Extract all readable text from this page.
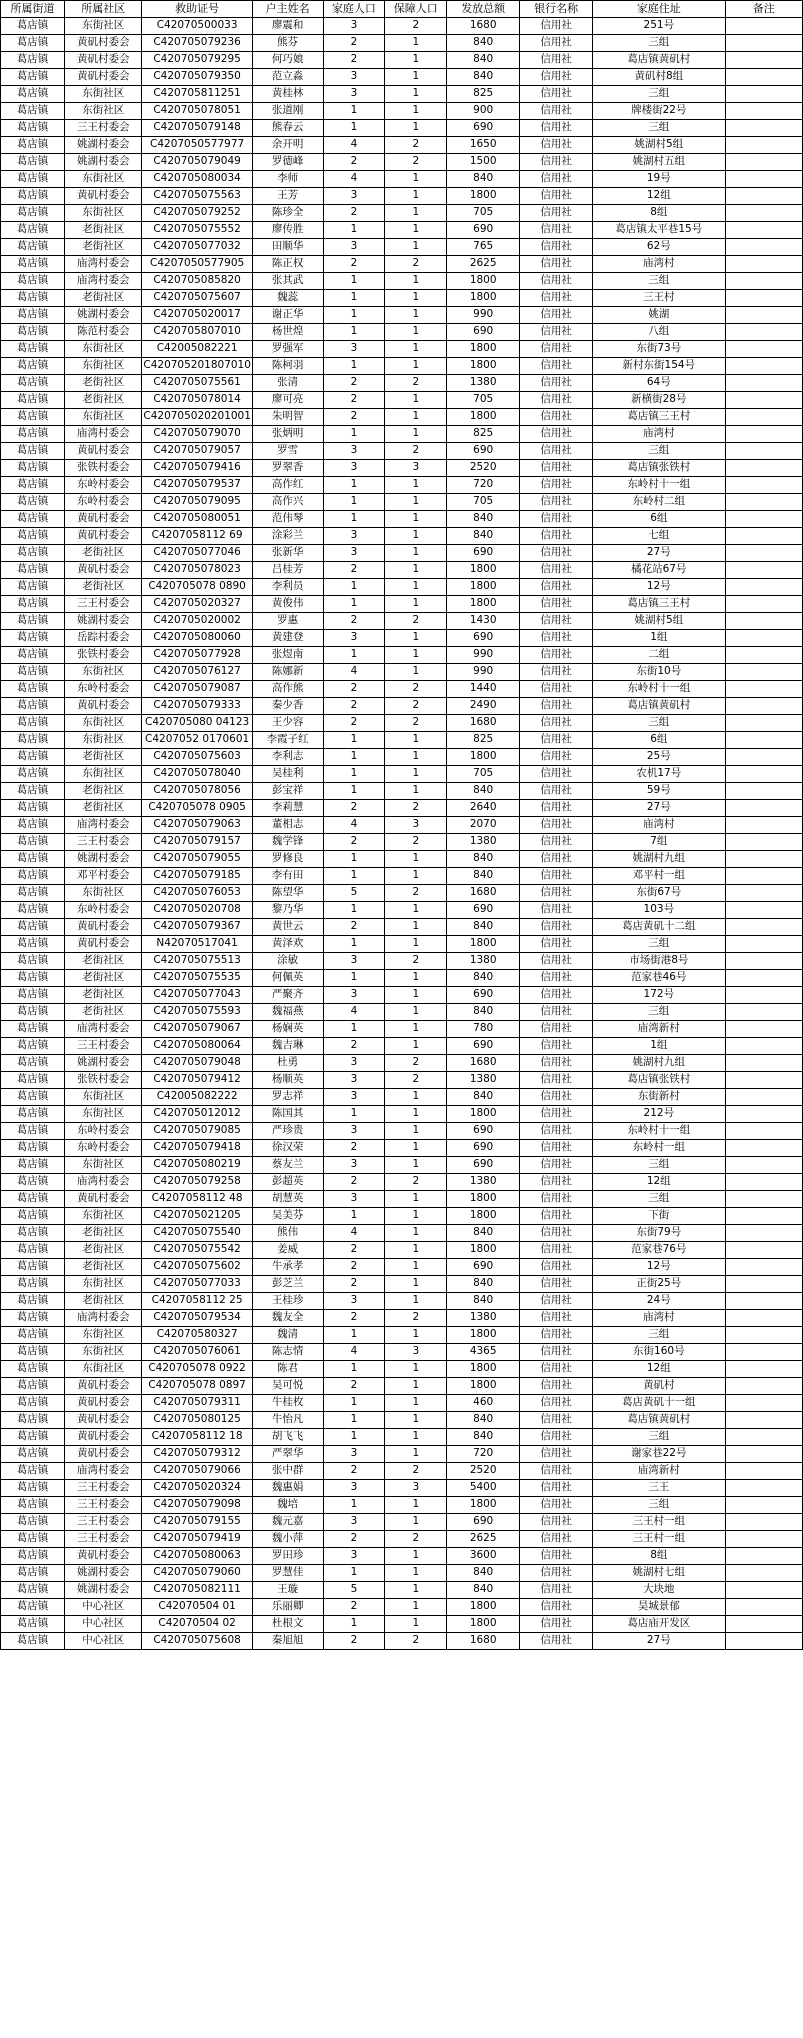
所属街道	所属社区	救助证号	户主姓名	家庭人口	保障人口	发放总额	银行名称	家庭住址	备注
葛店镇	东街社区	C42070500033	廖震和	3	2	1680	信用社	251号	
葛店镇	黄矶村委会	C420705079236	熊芬	2	1	840	信用社	三组	
葛店镇	黄矶村委会	C420705079295	何巧娘	2	1	840	信用社	葛店镇黄矶村	
葛店镇	黄矶村委会	C420705079350	范立淼	3	1	840	信用社	黄矶村8组	
葛店镇	东街社区	C420705811251	黄桂林	3	1	825	信用社	三组	
葛店镇	东街社区	C420705078051	张道刚	1	1	900	信用社	牌楼街22号	
葛店镇	三王村委会	C420705079148	熊春云	1	1	690	信用社	三组	
葛店镇	姚湖村委会	C4207050577977	余开明	4	2	1650	信用社	姚湖村5组	
葛店镇	姚湖村委会	C420705079049	罗德峰	2	2	1500	信用社	姚湖村五组	
葛店镇	东街社区	C420705080034	李师	4	1	840	信用社	19号	
葛店镇	黄矶村委会	C420705075563	王芳	3	1	1800	信用社	12组	
葛店镇	东街社区	C420705079252	陈珍全	2	1	705	信用社	8组	
葛店镇	老街社区	C420705075552	廖传胜	1	1	690	信用社	葛店镇太平巷15号	
葛店镇	老街社区	C420705077032	田顺华	3	1	765	信用社	62号	
葛店镇	庙湾村委会	C4207050577905	陈正权	2	2	2625	信用社	庙湾村	
葛店镇	庙湾村委会	C420705085820	张其武	1	1	1800	信用社	三组	
葛店镇	老街社区	C420705075607	魏蕊	1	1	1800	信用社	三王村	
葛店镇	姚湖村委会	C420705020017	谢正华	1	1	990	信用社	姚湖	
葛店镇	陈范村委会	C420705807010	杨世煌	1	1	690	信用社	八组	
葛店镇	东街社区	C42005082221	罗强军	3	1	1800	信用社	东街73号	
葛店镇	东街社区	C420705201807010	陈柯羽	1	1	1800	信用社	新村东街154号	
葛店镇	老街社区	C420705075561	张清	2	2	1380	信用社	64号	
葛店镇	老街社区	C420705078014	廖可亮	2	1	705	信用社	新横街28号	
葛店镇	东街社区	C420705020201001	朱明智	2	1	1800	信用社	葛店镇三王村	
葛店镇	庙湾村委会	C420705079070	张炳明	1	1	825	信用社	庙湾村	
葛店镇	黄矶村委会	C420705079057	罗雪	3	2	690	信用社	三组	
葛店镇	张铁村委会	C420705079416	罗翠香	3	3	2520	信用社	葛店镇张铁村	
葛店镇	东岭村委会	C420705079537	高作红	1	1	720	信用社	东岭村十一组	
葛店镇	东岭村委会	C420705079095	高作兴	1	1	705	信用社	东岭村二组	
葛店镇	黄矶村委会	C420705080051	范伟琴	1	1	840	信用社	6组	
葛店镇	黄矶村委会	C4207058112 69	涂彩兰	3	1	840	信用社	七组	
葛店镇	老街社区	C420705077046	张新华	3	1	690	信用社	27号	
葛店镇	黄矶村委会	C420705078023	吕桂芳	2	1	1800	信用社	橘花站67号	
葛店镇	老街社区	C420705078 0890	李利员	1	1	1800	信用社	12号	
葛店镇	三王村委会	C420705020327	黄俊伟	1	1	1800	信用社	葛店镇三王村	
葛店镇	姚湖村委会	C420705020002	罗惠	2	2	1430	信用社	姚湖村5组	
葛店镇	岳踪村委会	C420705080060	黄建登	3	1	690	信用社	1组	
葛店镇	张铁村委会	C420705077928	张煜南	1	1	990	信用社	二组	
葛店镇	东街社区	C420705076127	陈娜新	4	1	990	信用社	东街10号	
葛店镇	东岭村委会	C420705079087	高作熊	2	2	1440	信用社	东岭村十一组	
葛店镇	黄矶村委会	C420705079333	秦少香	2	2	2490	信用社	葛店镇黄矶村	
葛店镇	东街社区	C420705080 04123	王少容	2	2	1680	信用社	三组	
葛店镇	东街社区	C4207052 0170601	李霞子红	1	1	825	信用社	6组	
葛店镇	老街社区	C420705075603	李利志	1	1	1800	信用社	25号	
葛店镇	东街社区	C420705078040	吴桂利	1	1	705	信用社	农机17号	
葛店镇	老街社区	C420705078056	彭宝祥	1	1	840	信用社	59号	
葛店镇	老街社区	C420705078 0905	李莉慧	2	2	2640	信用社	27号	
葛店镇	庙湾村委会	C420705079063	董相志	4	3	2070	信用社	庙湾村	
葛店镇	三王村委会	C420705079157	魏学锋	2	2	1380	信用社	7组	
葛店镇	姚湖村委会	C420705079055	罗修良	1	1	840	信用社	姚湖村九组	
葛店镇	邓平村委会	C420705079185	李有田	1	1	840	信用社	邓平村一组	
葛店镇	东街社区	C420705076053	陈望华	5	2	1680	信用社	东街67号	
葛店镇	东岭村委会	C420705020708	黎乃华	1	1	690	信用社	103号	
葛店镇	黄矶村委会	C420705079367	黄世云	2	1	840	信用社	葛店黄矶十二组	
葛店镇	黄矶村委会	N42070517041	黄泽欢	1	1	1800	信用社	三组	
葛店镇	老街社区	C420705075513	涂敏	3	2	1380	信用社	市场街港8号	
葛店镇	老街社区	C420705075535	何佩英	1	1	840	信用社	范家巷46号	
葛店镇	老街社区	C420705077043	严聚齐	3	1	690	信用社	172号	
葛店镇	老街社区	C420705075593	魏福燕	4	1	840	信用社	三组	
葛店镇	庙湾村委会	C420705079067	杨娴英	1	1	780	信用社	庙湾新村	
葛店镇	三王村委会	C420705080064	魏吉琳	2	1	690	信用社	1组	
葛店镇	姚湖村委会	C420705079048	杜勇	3	2	1680	信用社	姚湖村九组	
葛店镇	张铁村委会	C420705079412	杨顺英	3	2	1380	信用社	葛店镇张铁村	
葛店镇	东街社区	C42005082222	罗志祥	3	1	840	信用社	东街新村	
葛店镇	东街社区	C420705012012	陈国其	1	1	1800	信用社	212号	
葛店镇	东岭村委会	C420705079085	严珍贵	3	1	690	信用社	东岭村十一组	
葛店镇	东岭村委会	C420705079418	徐汉荣	2	1	690	信用社	东岭村一组	
葛店镇	东街社区	C420705080219	蔡友兰	3	1	690	信用社	三组	
葛店镇	庙湾村委会	C420705079258	彭超英	2	2	1380	信用社	12组	
葛店镇	黄矶村委会	C4207058112 48	胡慧英	3	1	1800	信用社	三组	
葛店镇	东街社区	C420705021205	吴美芬	1	1	1800	信用社	下街	
葛店镇	老街社区	C420705075540	熊伟	4	1	840	信用社	东街79号	
葛店镇	老街社区	C420705075542	姜威	2	1	1800	信用社	范家巷76号	
葛店镇	老街社区	C420705075602	牛承孝	2	1	690	信用社	12号	
葛店镇	东街社区	C420705077033	彭芝兰	2	1	840	信用社	正街25号	
葛店镇	老街社区	C4207058112 25	王桂珍	3	1	840	信用社	24号	
葛店镇	庙湾村委会	C420705079534	魏友全	2	2	1380	信用社	庙湾村	
葛店镇	东街社区	C42070580327	魏清	1	1	1800	信用社	三组	
葛店镇	东街社区	C420705076061	陈志情	4	3	4365	信用社	东街160号	
葛店镇	东街社区	C420705078 0922	陈君	1	1	1800	信用社	12组	
葛店镇	黄矶村委会	C420705078 0897	吴可悦	2	1	1800	信用社	黄矶村	
葛店镇	黄矶村委会	C420705079311	牛桂枚	1	1	460	信用社	葛店黄矶十一组	
葛店镇	黄矶村委会	C420705080125	牛怡凡	1	1	840	信用社	葛店镇黄矶村	
葛店镇	黄矶村委会	C4207058112 18	胡飞飞	1	1	840	信用社	三组	
葛店镇	黄矶村委会	C420705079312	严翠华	3	1	720	信用社	谢家巷22号	
葛店镇	庙湾村委会	C420705079066	张中群	2	2	2520	信用社	庙湾新村	
葛店镇	三王村委会	C420705020324	魏惠娟	3	3	5400	信用社	三王	
葛店镇	三王村委会	C420705079098	魏培	1	1	1800	信用社	三组	
葛店镇	三王村委会	C420705079155	魏元嘉	3	1	690	信用社	三王村一组	
葛店镇	三王村委会	C420705079419	魏小萍	2	2	2625	信用社	三王村一组	
葛店镇	黄矶村委会	C420705080063	罗田珍	3	1	3600	信用社	8组	
葛店镇	姚湖村委会	C420705079060	罗慧佳	1	1	840	信用社	姚湖村七组	
葛店镇	姚湖村委会	C420705082111	王璇	5	1	840	信用社	大块地	
葛店镇	中心社区	C42070504 01	乐丽卿	2	1	1800	信用社	昊城景郁	
葛店镇	中心社区	C42070504 02	杜根文	1	1	1800	信用社	葛店庙开发区	
葛店镇	中心社区	C420705075608	秦旭旭	2	2	1680	信用社	27号	
